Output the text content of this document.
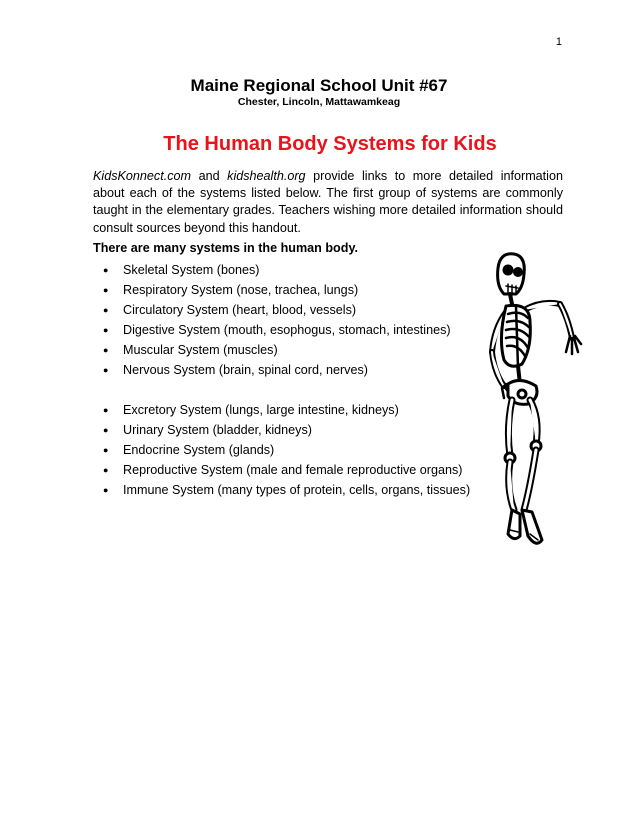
1
Maine Regional School Unit #67
Chester, Lincoln, Mattawamkeag
The Human Body Systems for Kids

KidsKonnect.com and kidshealth.org provide links to more detailed information
about each of the systems listed below. The first group of systems are commonly
taught in the elementary grades. Teachers wishing more detailed information should
consult sources beyond this handout.

There are many systems in the human body.
● Skeletal System (bones)
● Respiratory System (nose, trachea, lungs)
● Circulatory System (heart, blood, vessels)
● Digestive System (mouth, esophogus, stomach, intestines)
● Muscular System (muscles)
● Nervous System (brain, spinal cord, nerves)
● Excretory System (lungs, large intestine, kidneys)
● Urinary System (bladder, kidneys)
● Endocrine System (glands)
● Reproductive System (male and female reproductive organs)
● Immune System (many types of protein, cells, organs, tissues)
